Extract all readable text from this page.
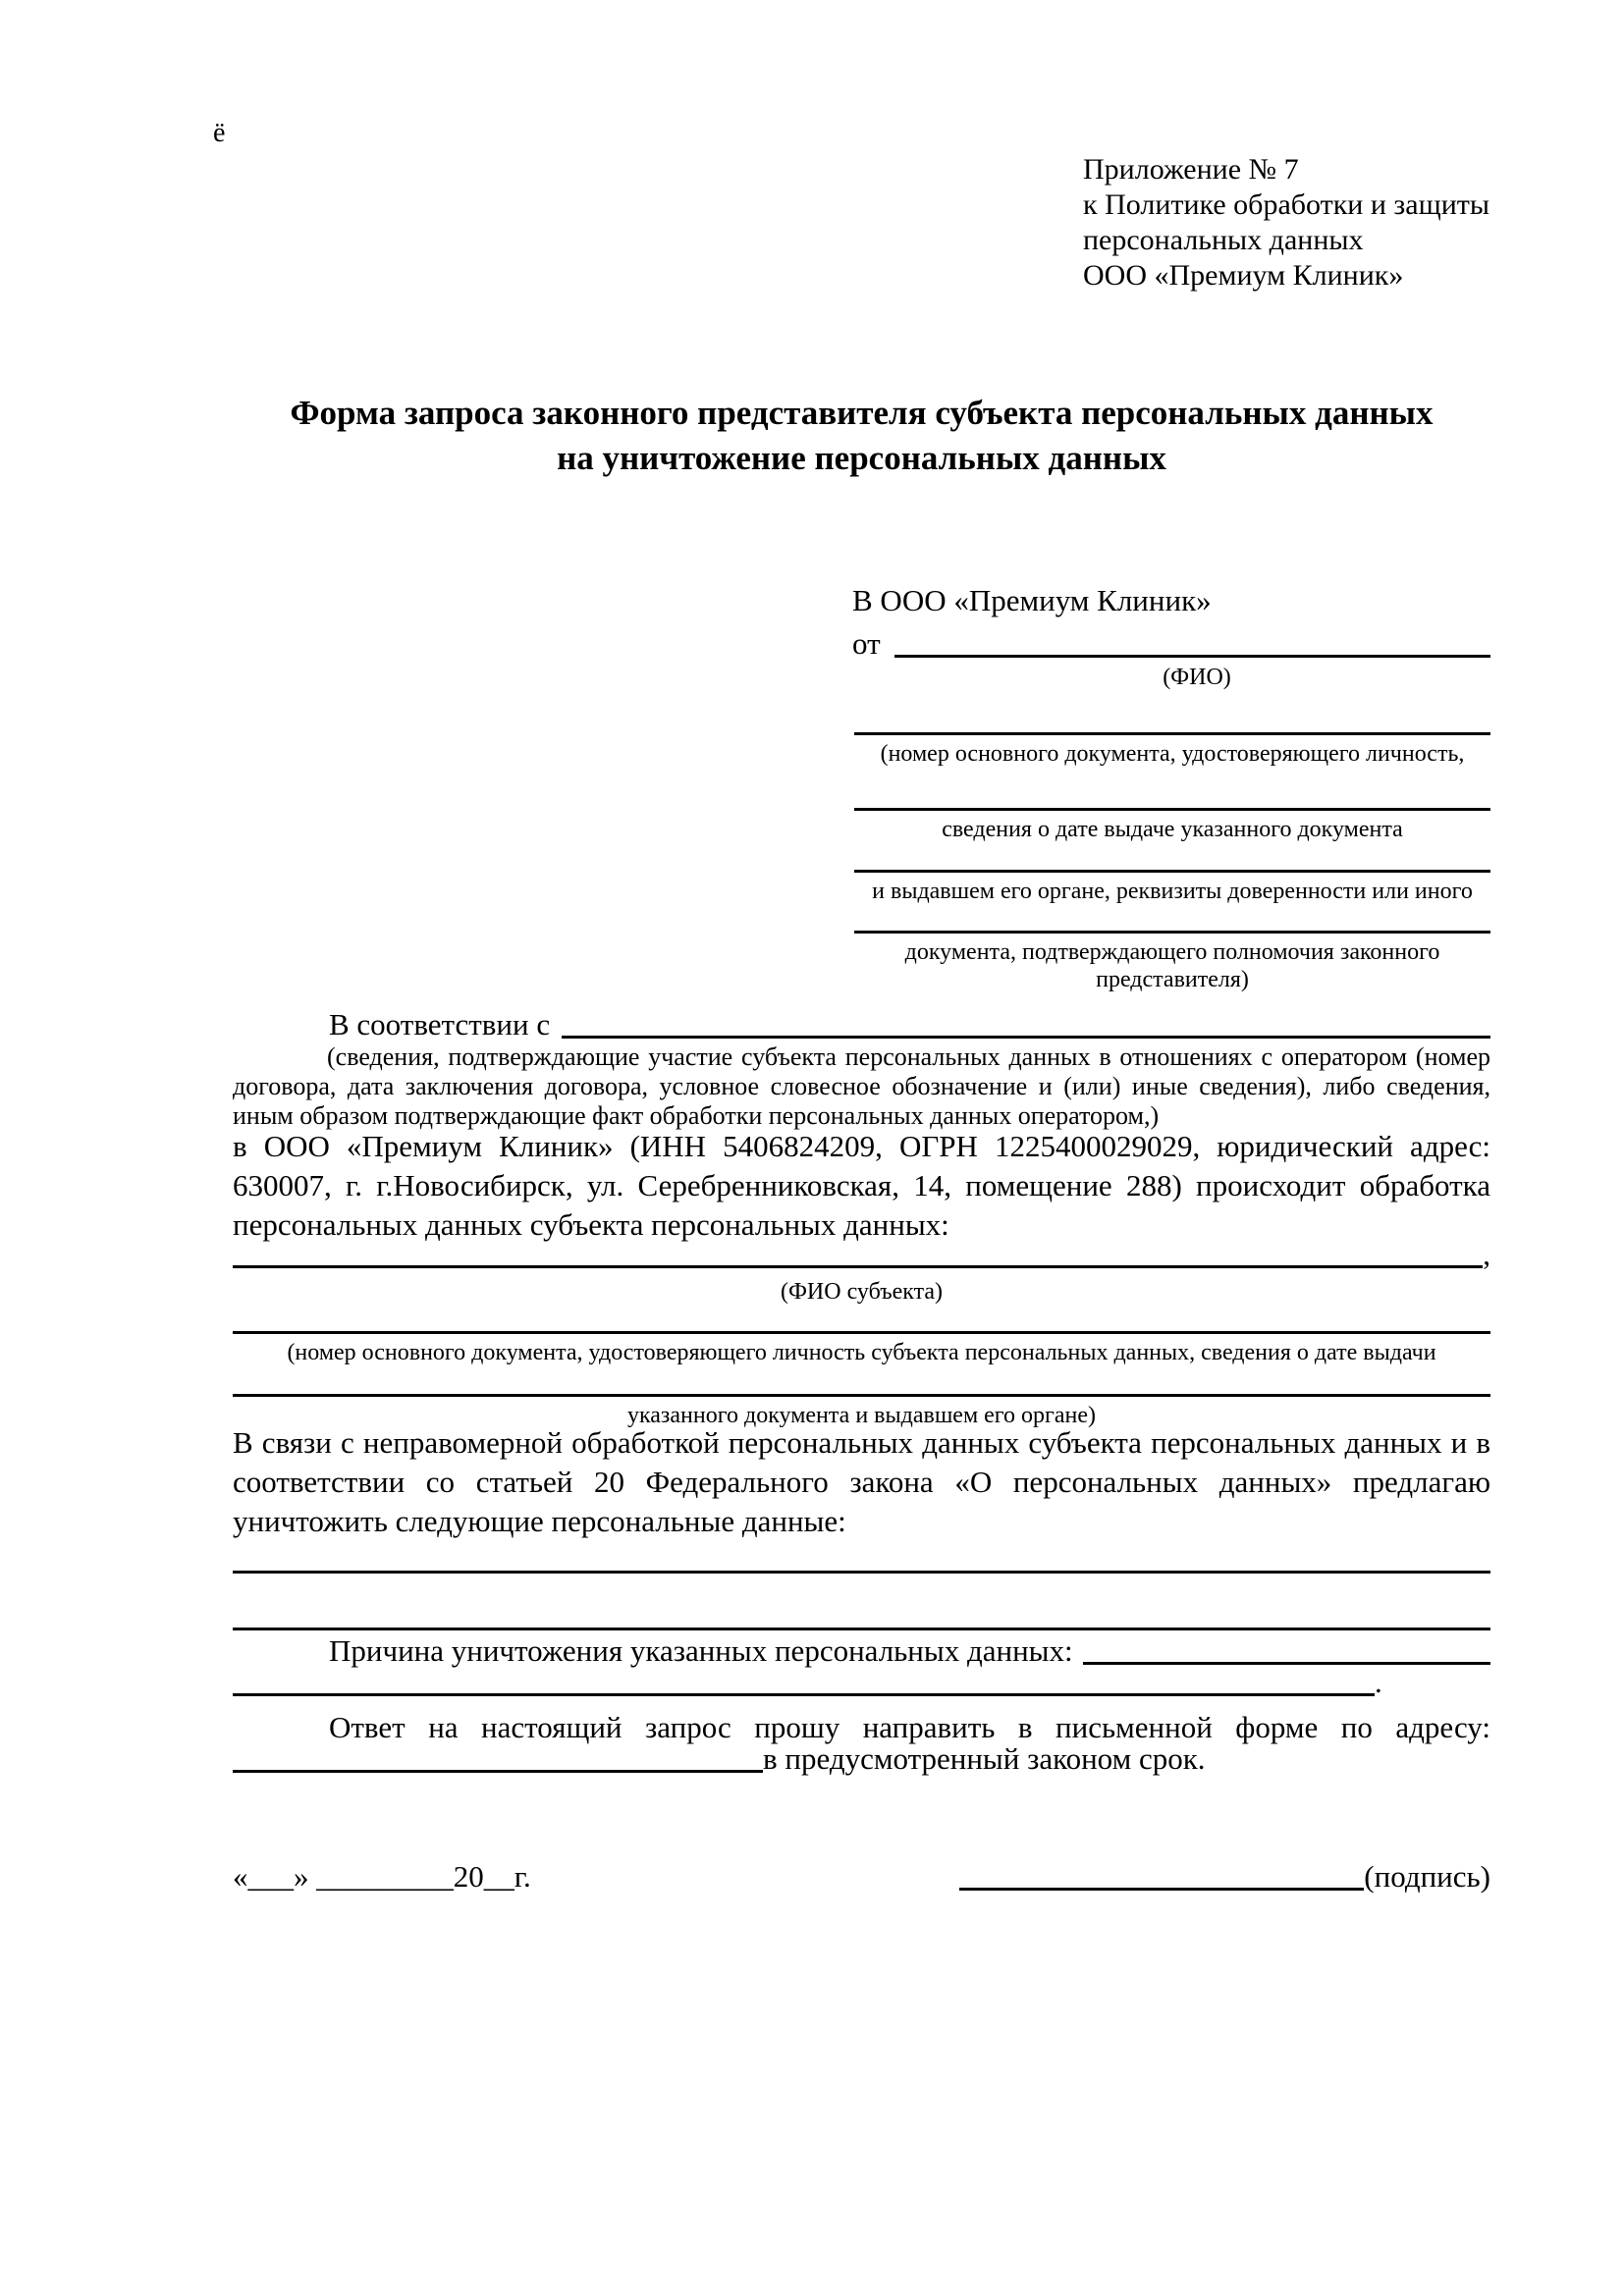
ё
Приложение № 7
к Политике обработки и защиты
персональных данных
ООО «Премиум Клиник»
Форма запроса законного представителя субъекта персональных данных
на уничтожение персональных данных
В ООО «Премиум Клиник»
от
(ФИО)
(номер основного документа, удостоверяющего личность,
сведения о дате выдаче указанного документа
и выдавшем его органе, реквизиты доверенности или иного
документа, подтверждающего полномочия законного представителя)
В соответствии с
(сведения, подтверждающие участие субъекта персональных данных в отношениях с оператором (номер договора, дата заключения договора, условное словесное обозначение и (или) иные сведения), либо сведения, иным образом подтверждающие факт обработки персональных данных оператором,)
в ООО «Премиум Клиник» (ИНН 5406824209, ОГРН 1225400029029, юридический адрес: 630007, г. г.Новосибирск, ул. Серебренниковская, 14, помещение 288) происходит обработка персональных данных субъекта персональных данных:
,
(ФИО субъекта)
(номер основного документа, удостоверяющего личность субъекта персональных данных, сведения о дате выдачи
указанного документа и выдавшем его органе)
В связи с неправомерной обработкой персональных данных субъекта персональных данных и в соответствии со статьей 20 Федерального закона «О персональных данных» предлагаю уничтожить следующие персональные данные:
Причина уничтожения указанных персональных данных:
.
Ответ на настоящий запрос прошу направить в письменной форме по адресу:
в предусмотренный законом срок.
«___» _________20__г.	(подпись)
